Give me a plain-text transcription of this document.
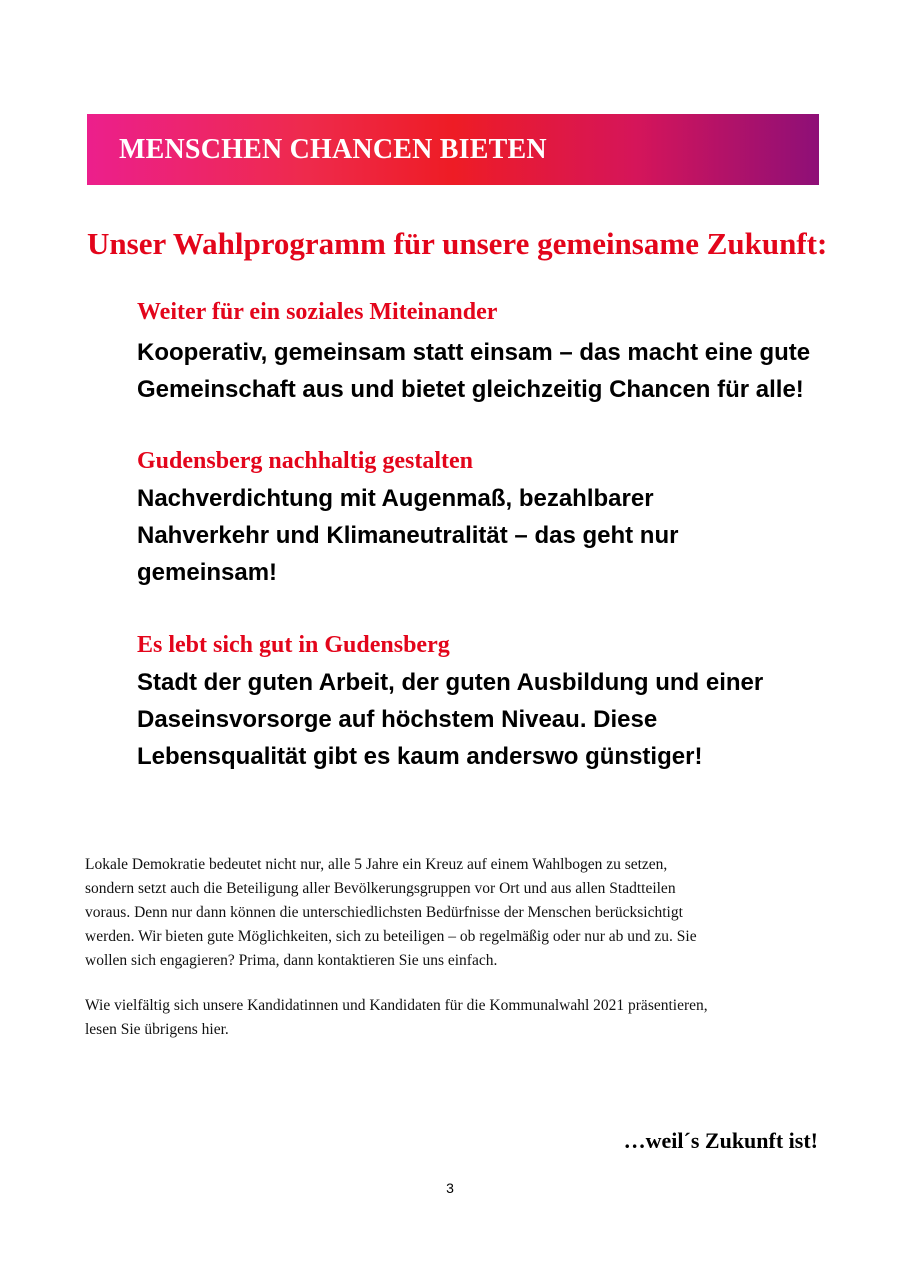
MENSCHEN CHANCEN BIETEN
Unser Wahlprogramm für unsere gemeinsame Zukunft:
Weiter für ein soziales Miteinander
Kooperativ, gemeinsam statt einsam – das macht eine gute
Gemeinschaft aus und bietet gleichzeitig Chancen für alle!
Gudensberg nachhaltig gestalten
Nachverdichtung mit Augenmaß, bezahlbarer
Nahverkehr und Klimaneutralität – das geht nur
gemeinsam!
Es lebt sich gut in Gudensberg
Stadt der guten Arbeit, der guten Ausbildung und einer
Daseinsvorsorge auf höchstem Niveau. Diese
Lebensqualität gibt es kaum anderswo günstiger!
Lokale Demokratie bedeutet nicht nur, alle 5 Jahre ein Kreuz auf einem Wahlbogen zu setzen,
sondern setzt auch die Beteiligung aller Bevölkerungsgruppen vor Ort und aus allen Stadtteilen
voraus. Denn nur dann können die unterschiedlichsten Bedürfnisse der Menschen berücksichtigt
werden. Wir bieten gute Möglichkeiten, sich zu beteiligen – ob regelmäßig oder nur ab und zu. Sie
wollen sich engagieren? Prima, dann kontaktieren Sie uns einfach.
Wie vielfältig sich unsere Kandidatinnen und Kandidaten für die Kommunalwahl 2021 präsentieren,
lesen Sie übrigens hier.
…weil´s Zukunft ist!
3
